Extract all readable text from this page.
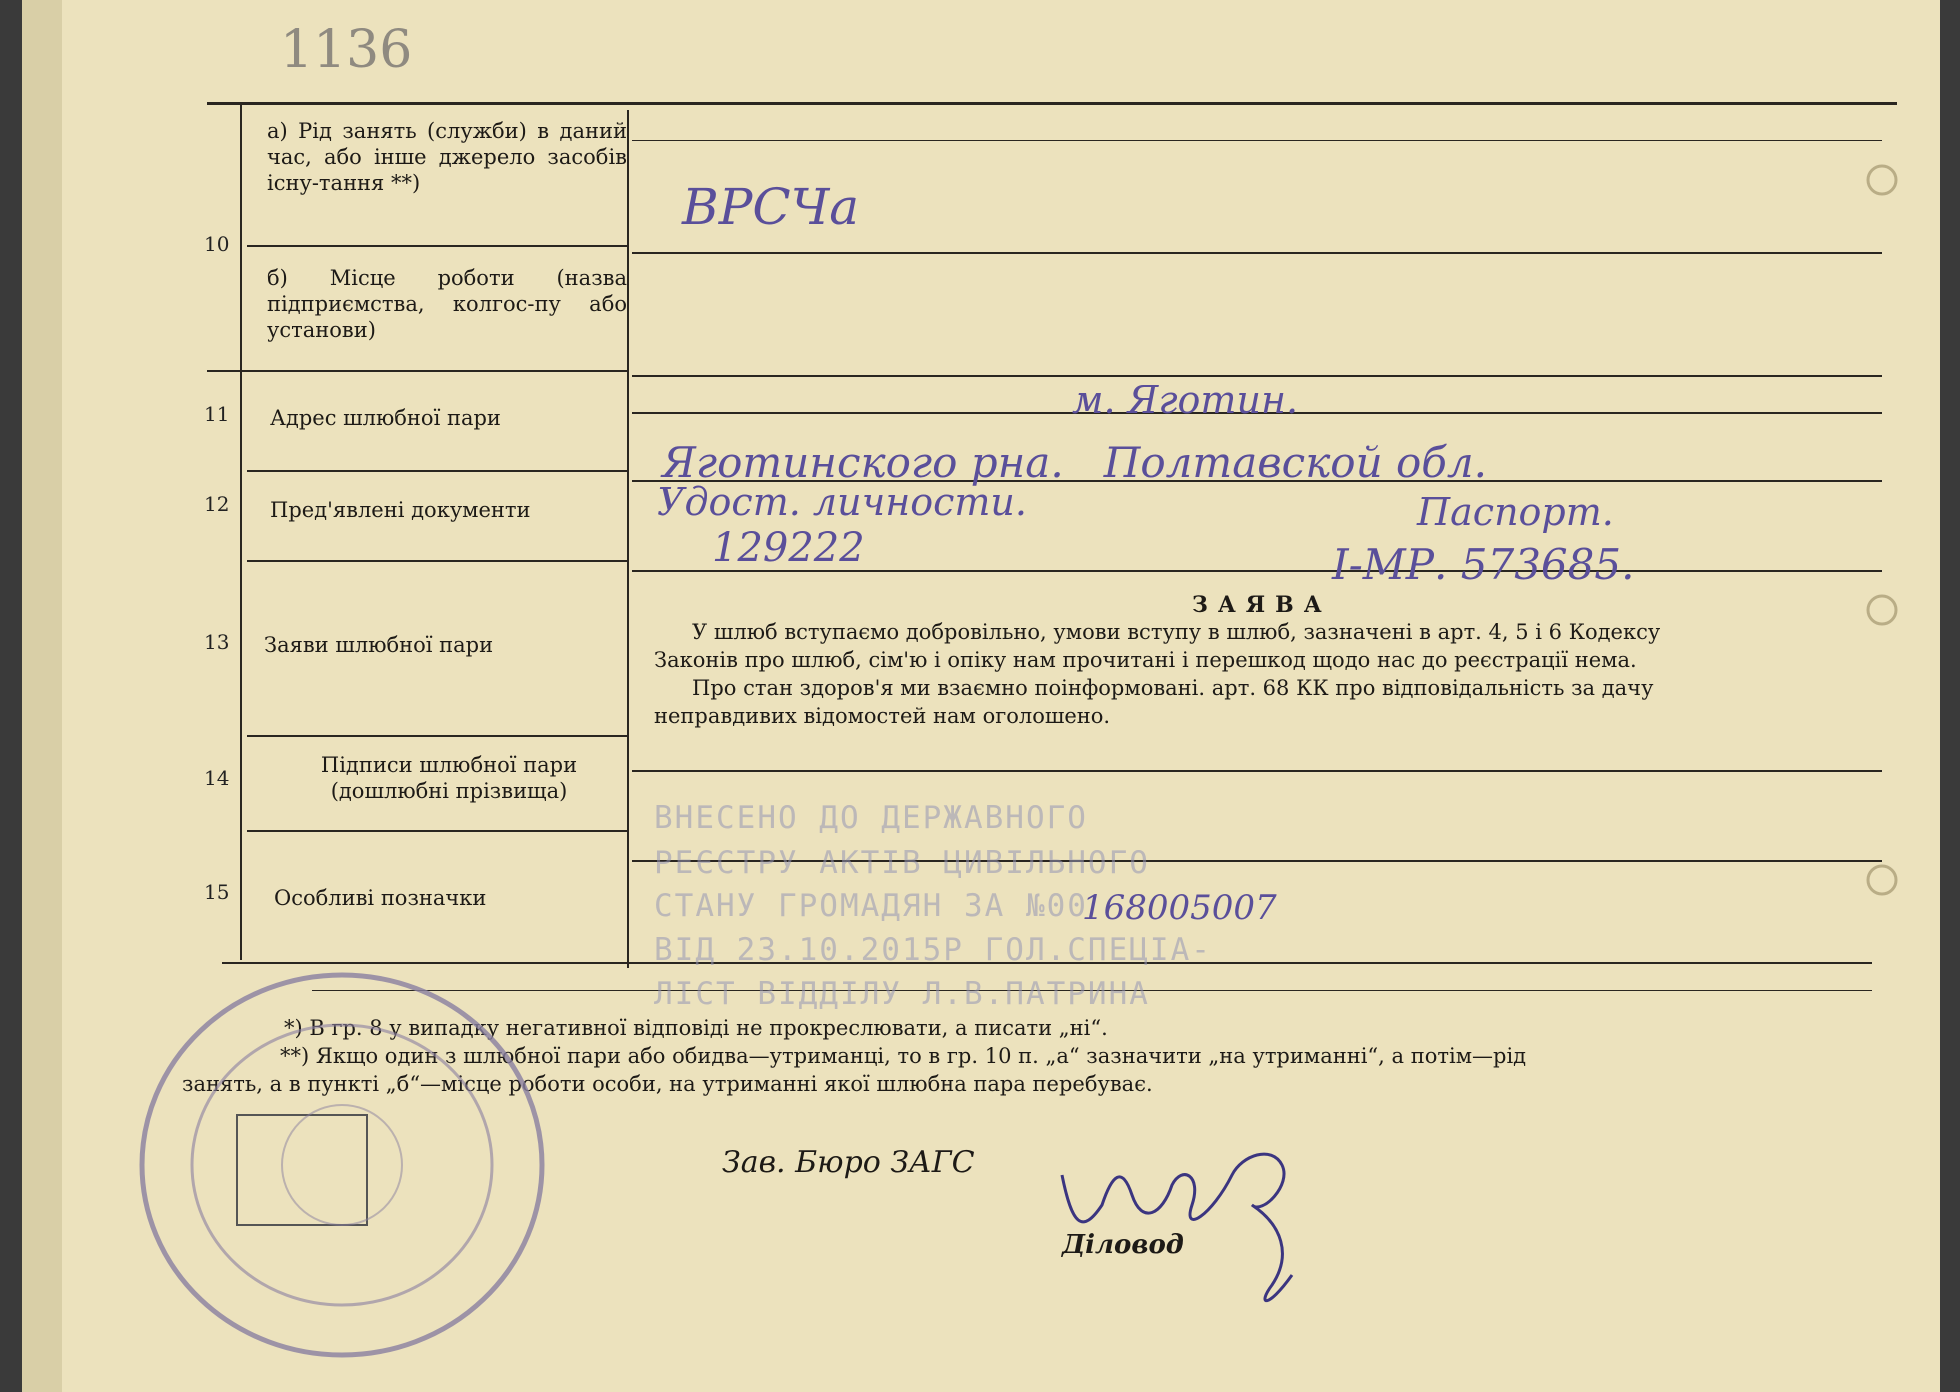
1136
10
11
12
13
14
15
а) Рід занять (служби) в даний час, або інше джерело засобів існу-тання **)
б) Місце роботи (назва підприємства, колгос-пу або установи)
Адрес шлюбної пари
Пред'явлені документи
Заяви шлюбної пари
Підписи шлюбної пари (дошлюбні прізвища)
Особливі позначки
ВРСЧа
м. Яготин.
Яготинского рна.   Полтавской обл.
Удост. личности.	Паспорт.
129222	I-МР. 573685.
ЗАЯВА
У шлюб вступаємо добровільно, умови вступу в шлюб, зазначені в арт. 4, 5 і 6 Кодексу
Законів про шлюб, сім'ю і опіку нам прочитані і перешкод щодо нас до реєстрації нема.
Про стан здоров'я ми взаємно поінформовані. арт. 68 КК про відповідальність за дачу
неправдивих відомостей нам оголошено.
ВНЕСЕНО ДО ДЕРЖАВНОГО
РЕЄСТРУ АКТІВ ЦИВІЛЬНОГО
СТАНУ ГРОМАДЯН ЗА №00
168005007
ВІД 23.10.2015Р ГОЛ.СПЕЦІА-
ЛІСТ ВІДДІЛУ Л.В.ПАТРИНА
*) В гр. 8 у випадку негативної відповіді не прокреслювати, а писати „ні“.
**) Якщо один з шлюбної пари або обидва—утриманці, то в гр. 10 п. „а“ зазначити „на утриманні“, а потім—рід
занять, а в пункті „б“—місце роботи особи, на утриманні якої шлюбна пара перебуває.
Зав. Бюро ЗАГС
Діловод
